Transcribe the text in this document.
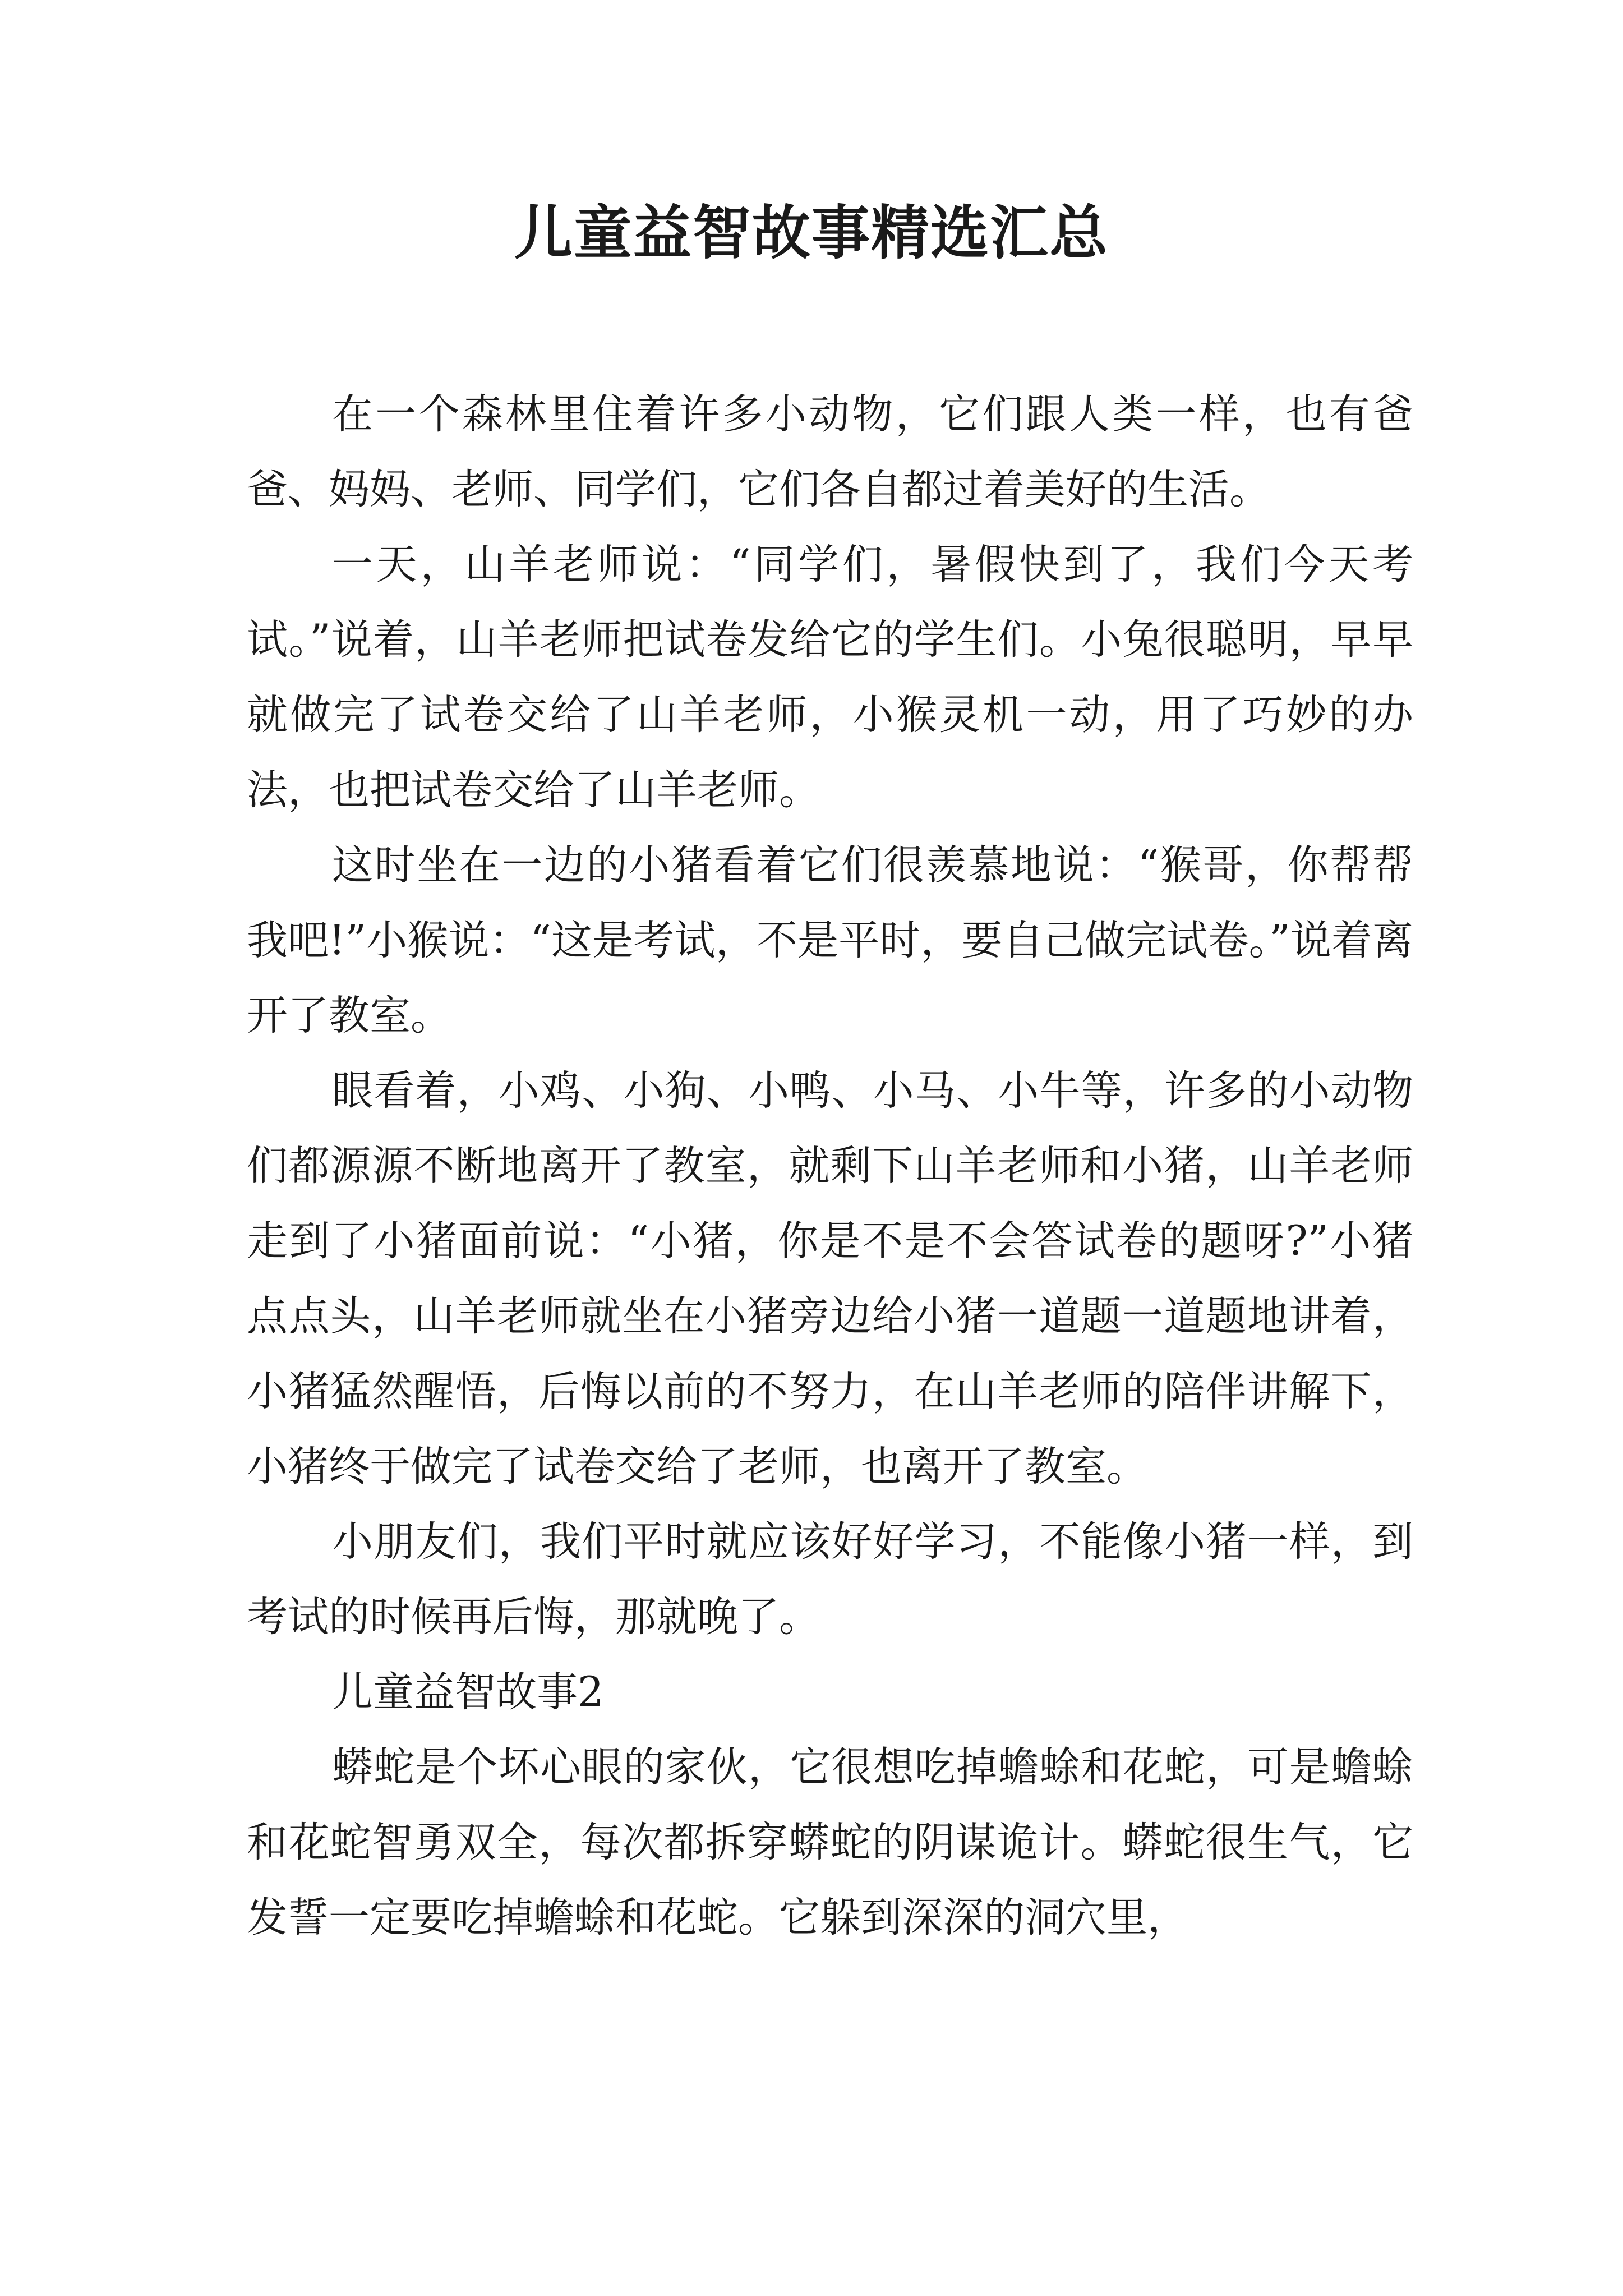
儿童益智故事精选汇总

在一个森林里住着许多小动物，它们跟人类一样，也有爸爸、妈妈、老师、同学们，它们各自都过着美好的生活。

一天，山羊老师说：“同学们，暑假快到了，我们今天考试。”说着，山羊老师把试卷发给它的学生们。小兔很聪明，早早就做完了试卷交给了山羊老师，小猴灵机一动，用了巧妙的办法，也把试卷交给了山羊老师。

这时坐在一边的小猪看着它们很羡慕地说：“猴哥，你帮帮我吧!”小猴说：“这是考试，不是平时，要自己做完试卷。”说着离开了教室。

眼看着，小鸡、小狗、小鸭、小马、小牛等，许多的小动物们都源源不断地离开了教室，就剩下山羊老师和小猪，山羊老师走到了小猪面前说：“小猪，你是不是不会答试卷的题呀?”小猪点点头，山羊老师就坐在小猪旁边给小猪一道题一道题地讲着，小猪猛然醒悟，后悔以前的不努力，在山羊老师的陪伴讲解下，小猪终于做完了试卷交给了老师，也离开了教室。

小朋友们，我们平时就应该好好学习，不能像小猪一样，到考试的时候再后悔，那就晚了。

儿童益智故事2

蟒蛇是个坏心眼的家伙，它很想吃掉蟾蜍和花蛇，可是蟾蜍和花蛇智勇双全，每次都拆穿蟒蛇的阴谋诡计。蟒蛇很生气，它发誓一定要吃掉蟾蜍和花蛇。它躲到深深的洞穴里，
